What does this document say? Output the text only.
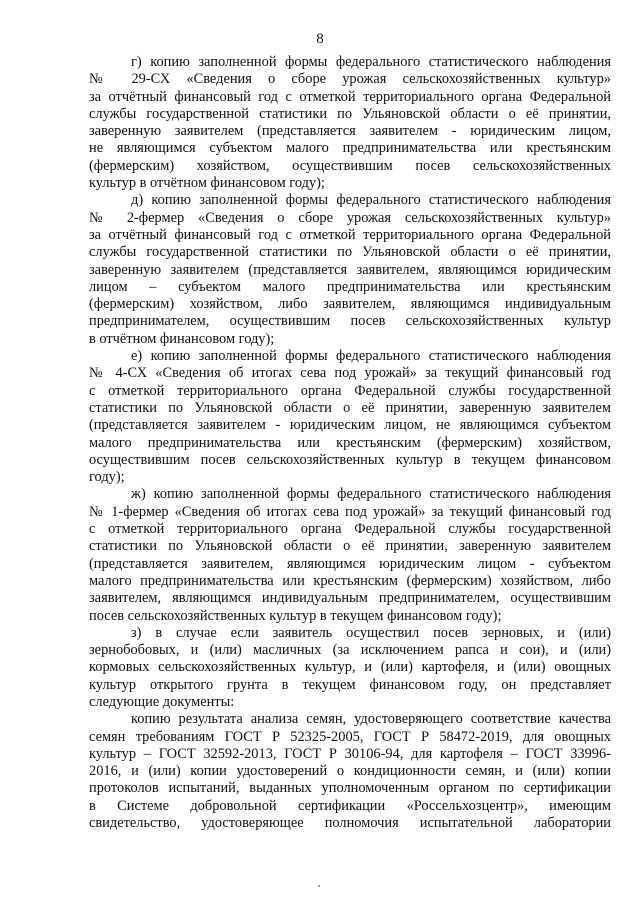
8

г) копию заполненной формы федерального статистического наблюдения
№ 29-СХ «Сведения о сборе урожая сельскохозяйственных культур»
за отчётный финансовый год с отметкой территориального органа Федеральной
службы государственной статистики по Ульяновской области о её принятии,
заверенную заявителем (представляется заявителем - юридическим лицом,
не являющимся субъектом малого предпринимательства или крестьянским
(фермерским) хозяйством, осуществившим посев сельскохозяйственных
культур в отчётном финансовом году);

д) копию заполненной формы федерального статистического наблюдения
№ 2-фермер «Сведения о сборе урожая сельскохозяйственных культур»
за отчётный финансовый год с отметкой территориального органа Федеральной
службы государственной статистики по Ульяновской области о её принятии,
заверенную заявителем (представляется заявителем, являющимся юридическим
лицом – субъектом малого предпринимательства или крестьянским
(фермерским) хозяйством, либо заявителем, являющимся индивидуальным
предпринимателем, осуществившим посев сельскохозяйственных культур
в отчётном финансовом году);

е) копию заполненной формы федерального статистического наблюдения
№ 4-СХ «Сведения об итогах сева под урожай» за текущий финансовый год
с отметкой территориального органа Федеральной службы государственной
статистики по Ульяновской области о её принятии, заверенную заявителем
(представляется заявителем - юридическим лицом, не являющимся субъектом
малого предпринимательства или крестьянским (фермерским) хозяйством,
осуществившим посев сельскохозяйственных культур в текущем финансовом
году);

ж) копию заполненной формы федерального статистического наблюдения
№ 1-фермер «Сведения об итогах сева под урожай» за текущий финансовый год
с отметкой территориального органа Федеральной службы государственной
статистики по Ульяновской области о её принятии, заверенную заявителем
(представляется заявителем, являющимся юридическим лицом - субъектом
малого предпринимательства или крестьянским (фермерским) хозяйством, либо
заявителем, являющимся индивидуальным предпринимателем, осуществившим
посев сельскохозяйственных культур в текущем финансовом году);

з) в случае если заявитель осуществил посев зерновых, и (или)
зернобобовых, и (или) масличных (за исключением рапса и сои), и (или)
кормовых сельскохозяйственных культур, и (или) картофеля, и (или) овощных
культур открытого грунта в текущем финансовом году, он представляет
следующие документы:

копию результата анализа семян, удостоверяющего соответствие качества
семян требованиям ГОСТ Р 52325-2005, ГОСТ Р 58472-2019, для овощных
культур – ГОСТ 32592-2013, ГОСТ Р 30106-94, для картофеля – ГОСТ 33996-
2016, и (или) копии удостоверений о кондиционности семян, и (или) копии
протоколов испытаний, выданных уполномоченным органом по сертификации
в Системе добровольной сертификации «Россельхозцентр», имеющим
свидетельство, удостоверяющее полномочия испытательной лаборатории
